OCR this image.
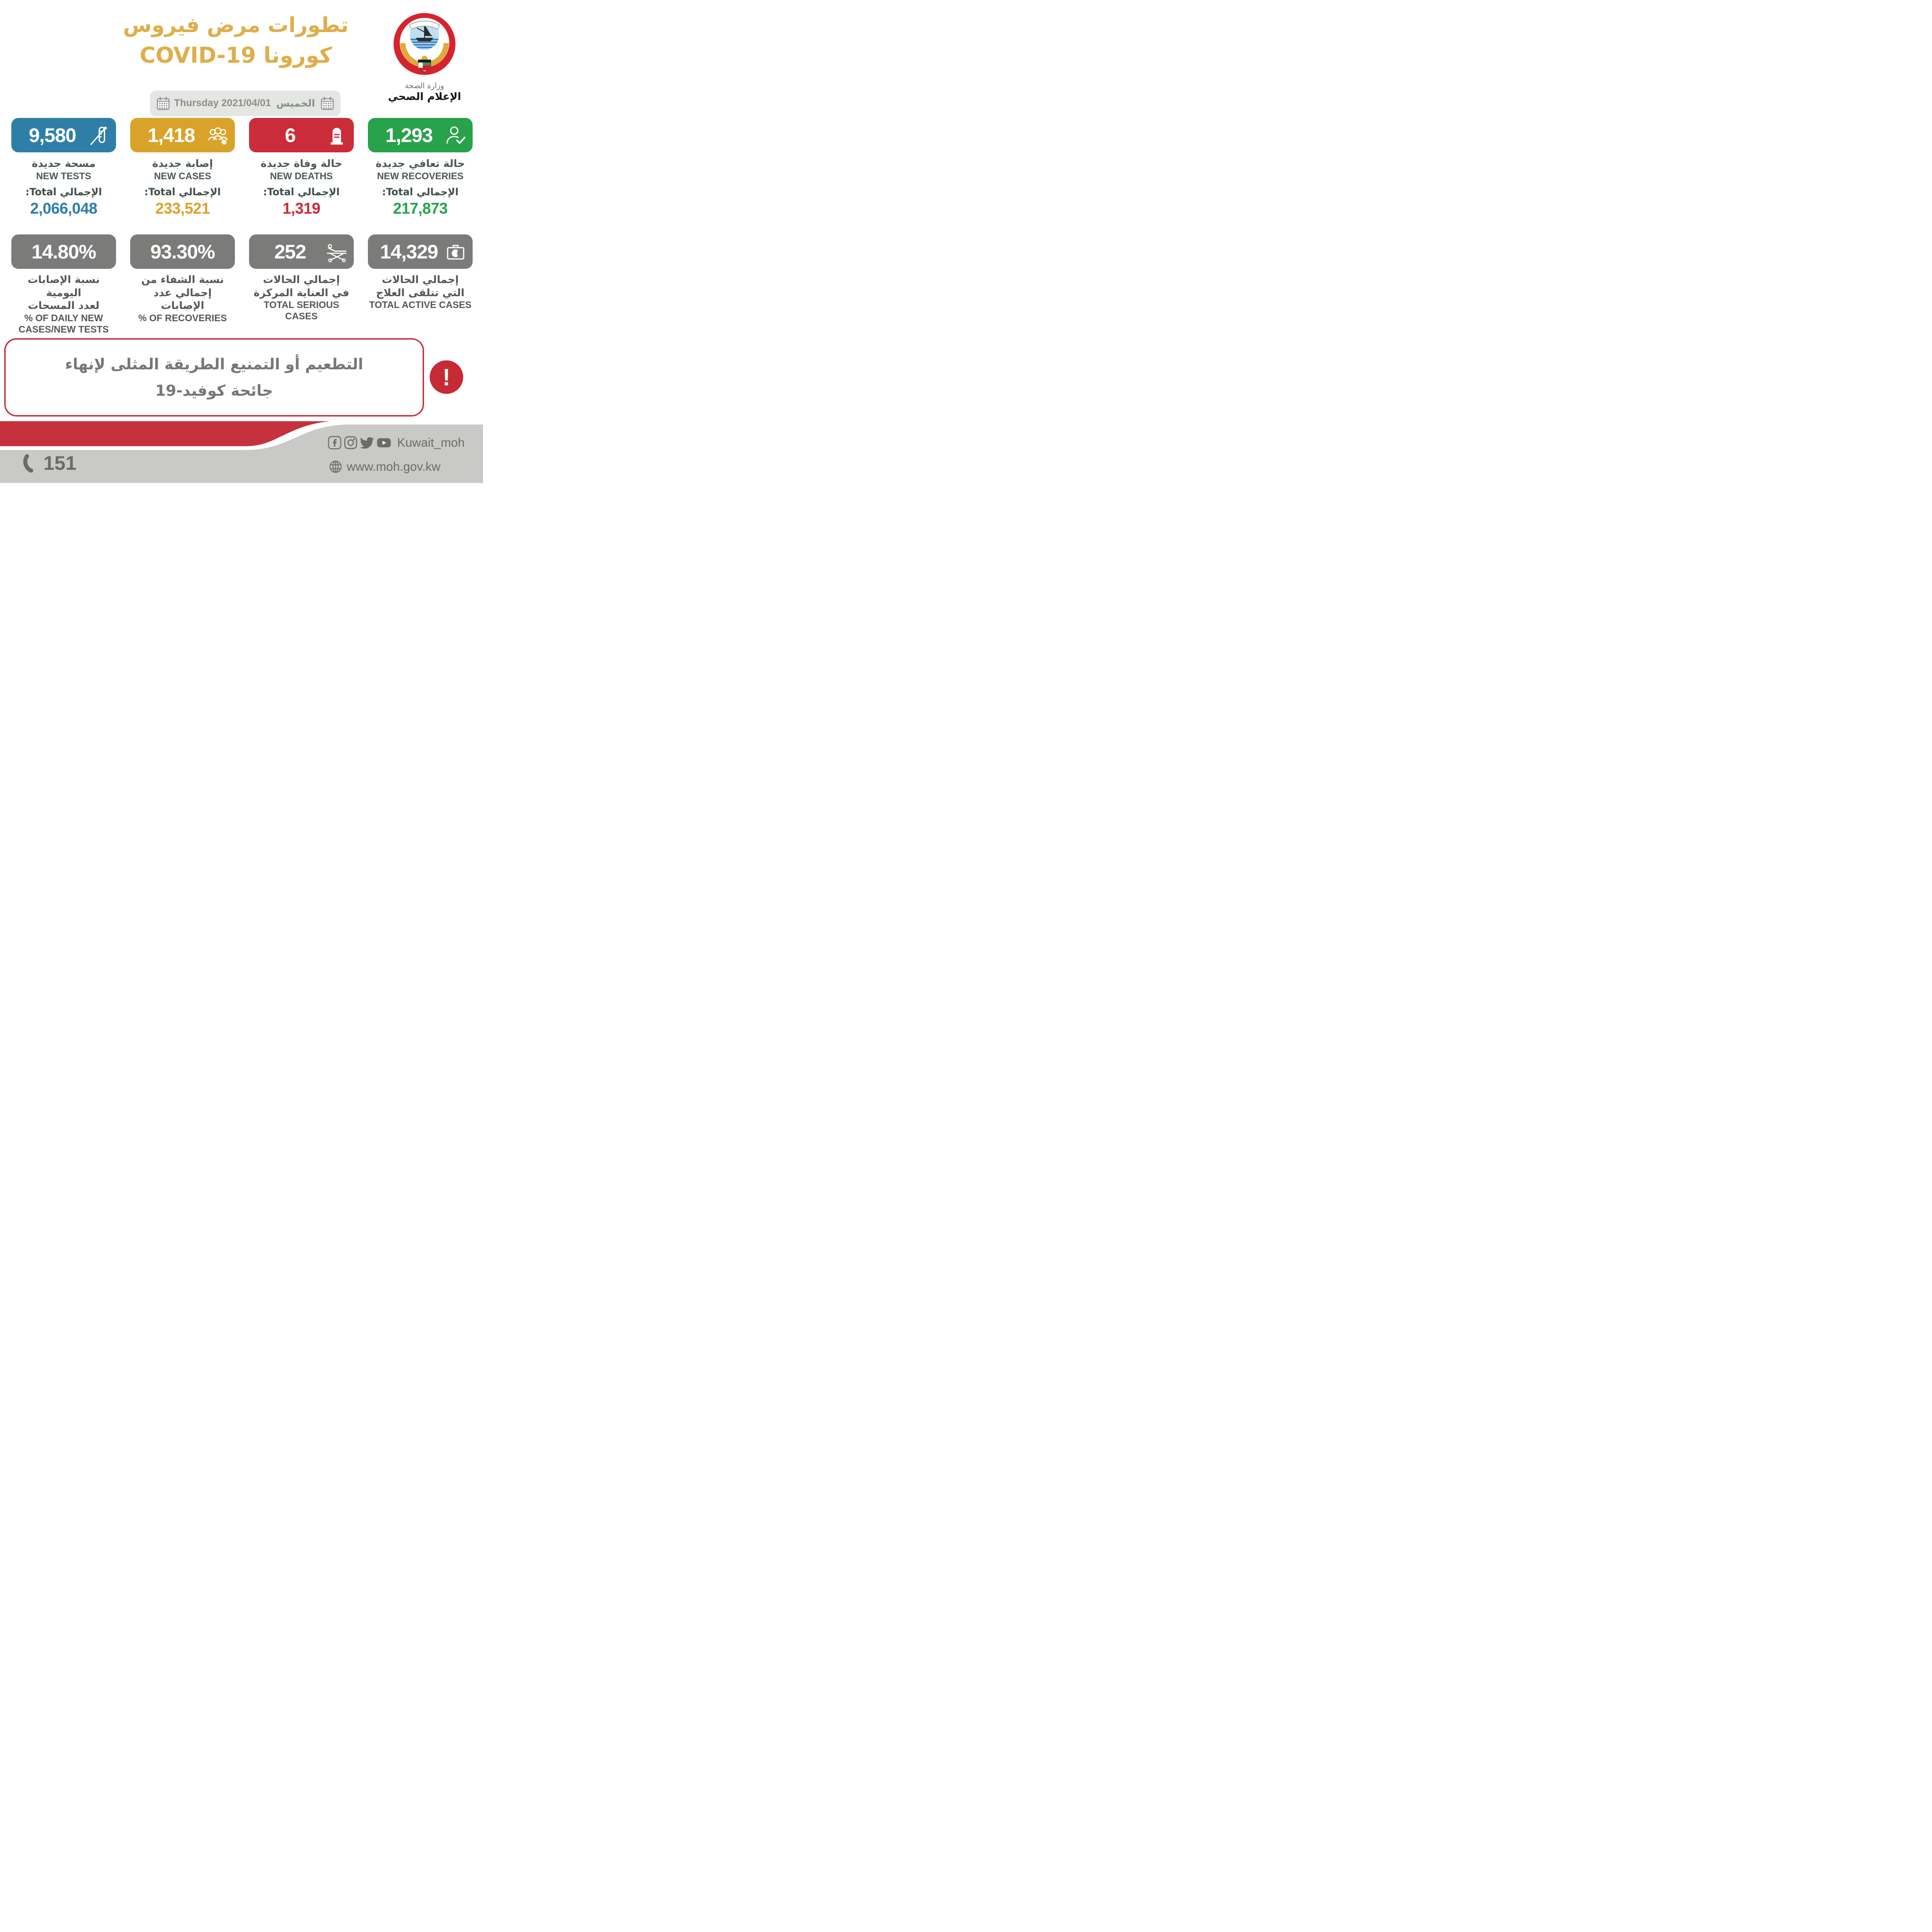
تطورات مرض فيروس
كورونا COVID-19
وزارة الصحة
الإعلام الصحي
Thursday 2021/04/01 الخميس
9,580
مسحة جديدة
NEW TESTS
الإجمالي Total:
2,066,048
1,418
إصابة جديدة
NEW CASES
الإجمالي Total:
233,521
6
حالة وفاة جديدة
NEW DEATHS
الإجمالي Total:
1,319
1,293
حالة تعافي جديدة
NEW RECOVERIES
الإجمالي Total:
217,873
14.80%
نسبة الإصابات اليومية
لعدد المسحات
% OF DAILY NEW
CASES/NEW TESTS
93.30%
نسبة الشفاء من
إجمالي عدد الإصابات
% OF RECOVERIES
252
إجمالي الحالات
في العناية المركزة
TOTAL SERIOUS CASES
14,329
إجمالي الحالات
التي تتلقى العلاج
TOTAL ACTIVE CASES
التطعيم أو التمنيع الطريقة المثلى لإنهاء
جائحة كوفيد-19
!
151
Kuwait_moh
www.moh.gov.kw
